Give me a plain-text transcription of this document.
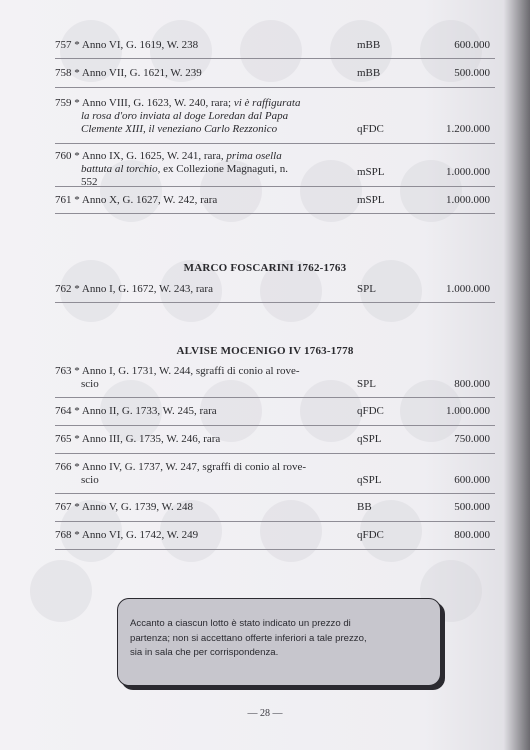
757 * Anno VI, G. 1619, W. 238	mBB	600.000
758 * Anno VII, G. 1621, W. 239	mBB	500.000
759 * Anno VIII, G. 1623, W. 240, rara; vi è raffigurata
la rosa d'oro inviata al doge Loredan dal Papa
Clemente XIII, il veneziano Carlo Rezzonico	qFDC	1.200.000
760 * Anno IX, G. 1625, W. 241, rara, prima osella
battuta al torchio, ex Collezione Magnaguti, n.
552
mSPL	1.000.000
761 * Anno X, G. 1627, W. 242, rara	mSPL	1.000.000
MARCO FOSCARINI 1762-1763
762 * Anno I, G. 1672, W. 243, rara	SPL	1.000.000
ALVISE MOCENIGO IV 1763-1778
763 * Anno I, G. 1731, W. 244, sgraffi di conio al rove-
scio	SPL	800.000
764 * Anno II, G. 1733, W. 245, rara	qFDC	1.000.000
765 * Anno III, G. 1735, W. 246, rara	qSPL	750.000
766 * Anno IV, G. 1737, W. 247, sgraffi di conio al rove-
scio	qSPL	600.000
767 * Anno V, G. 1739, W. 248	BB	500.000
768 * Anno VI, G. 1742, W. 249	qFDC	800.000

Accanto a ciascun lotto è stato indicato un prezzo di
partenza; non si accettano offerte inferiori a tale prezzo,
sia in sala che per corrispondenza.

— 28 —
